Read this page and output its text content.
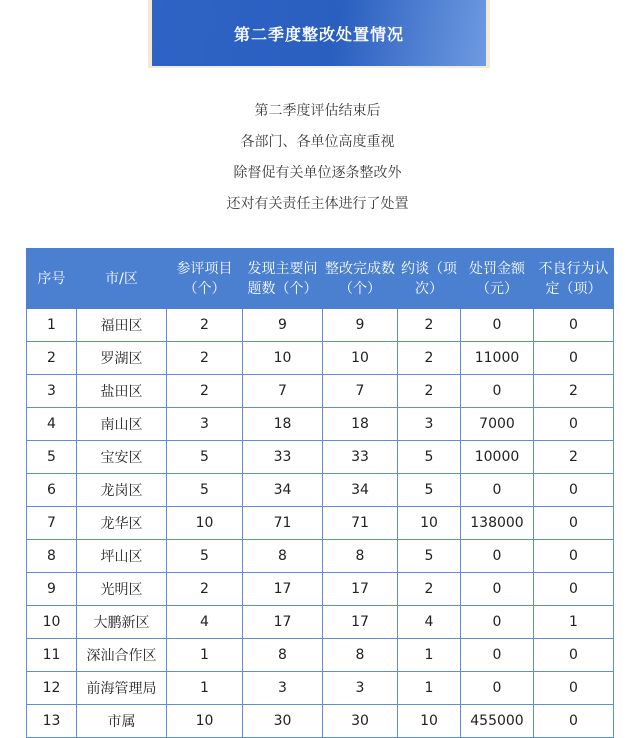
第二季度整改处置情况
第二季度评估结束后
各部门、各单位高度重视
除督促有关单位逐条整改外
还对有关责任主体进行了处置
序号	市/区	参评项目（个）	发现主要问题数（个）	整改完成数（个）	约谈（项次）	处罚金额（元）	不良行为认定（项）
1	福田区	2	9	9	2	0	0
2	罗湖区	2	10	10	2	11000	0
3	盐田区	2	7	7	2	0	2
4	南山区	3	18	18	3	7000	0
5	宝安区	5	33	33	5	10000	2
6	龙岗区	5	34	34	5	0	0
7	龙华区	10	71	71	10	138000	0
8	坪山区	5	8	8	5	0	0
9	光明区	2	17	17	2	0	0
10	大鹏新区	4	17	17	4	0	1
11	深汕合作区	1	8	8	1	0	0
12	前海管理局	1	3	3	1	0	0
13	市属	10	30	30	10	455000	0
